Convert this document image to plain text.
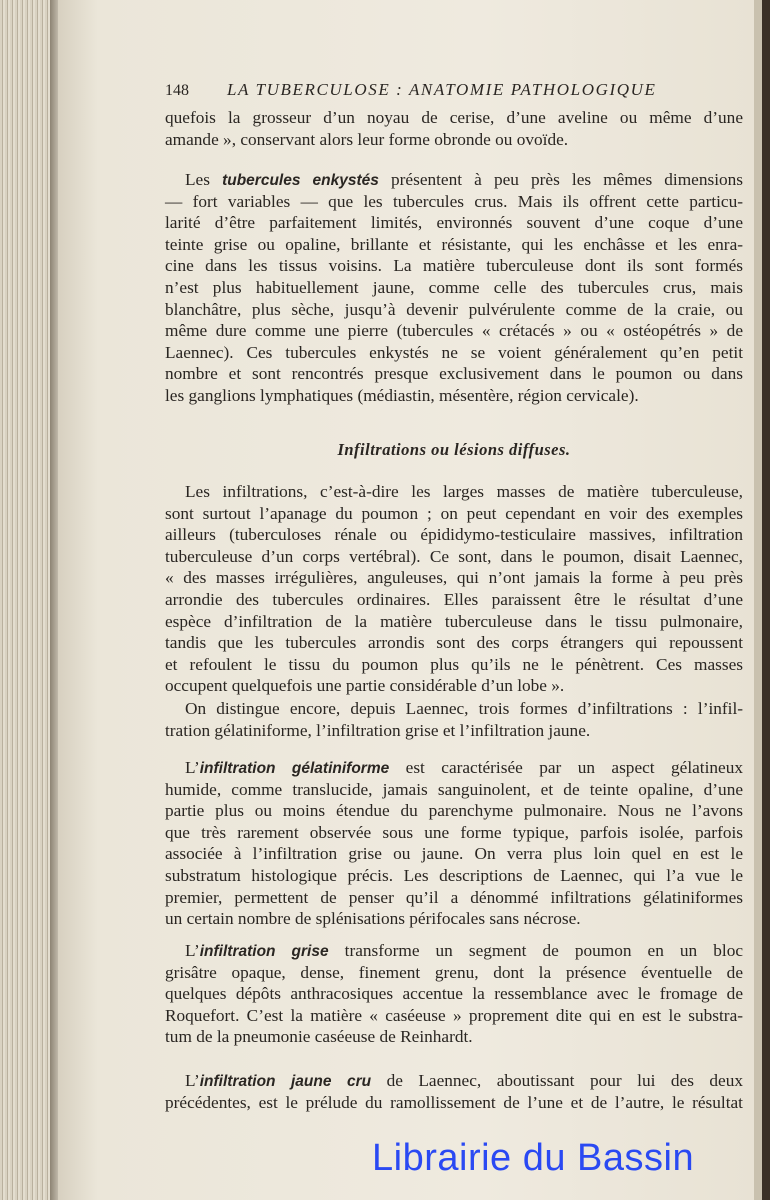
148	LA TUBERCULOSE : ANATOMIE PATHOLOGIQUE
quefois la grosseur d’un noyau de cerise, d’une aveline ou même d’une
amande », conservant alors leur forme obronde ou ovoïde.
Les tubercules enkystés présentent à peu près les mêmes dimensions
— fort variables — que les tubercules crus. Mais ils offrent cette particu-
larité d’être parfaitement limités, environnés souvent d’une coque d’une
teinte grise ou opaline, brillante et résistante, qui les enchâsse et les enra-
cine dans les tissus voisins. La matière tuberculeuse dont ils sont formés
n’est plus habituellement jaune, comme celle des tubercules crus, mais
blanchâtre, plus sèche, jusqu’à devenir pulvérulente comme de la craie, ou
même dure comme une pierre (tubercules « crétacés » ou « ostéopétrés » de
Laennec). Ces tubercules enkystés ne se voient généralement qu’en petit
nombre et sont rencontrés presque exclusivement dans le poumon ou dans
les ganglions lymphatiques (médiastin, mésentère, région cervicale).
Infiltrations ou lésions diffuses.
Les infiltrations, c’est-à-dire les larges masses de matière tuberculeuse,
sont surtout l’apanage du poumon ; on peut cependant en voir des exemples
ailleurs (tuberculoses rénale ou épididymo-testiculaire massives, infiltration
tuberculeuse d’un corps vertébral). Ce sont, dans le poumon, disait Laennec,
« des masses irrégulières, anguleuses, qui n’ont jamais la forme à peu près
arrondie des tubercules ordinaires. Elles paraissent être le résultat d’une
espèce d’infiltration de la matière tuberculeuse dans le tissu pulmonaire,
tandis que les tubercules arrondis sont des corps étrangers qui repoussent
et refoulent le tissu du poumon plus qu’ils ne le pénètrent. Ces masses
occupent quelquefois une partie considérable d’un lobe ».
On distingue encore, depuis Laennec, trois formes d’infiltrations : l’infil-
tration gélatiniforme, l’infiltration grise et l’infiltration jaune.
L’infiltration gélatiniforme est caractérisée par un aspect gélatineux
humide, comme translucide, jamais sanguinolent, et de teinte opaline, d’une
partie plus ou moins étendue du parenchyme pulmonaire. Nous ne l’avons
que très rarement observée sous une forme typique, parfois isolée, parfois
associée à l’infiltration grise ou jaune. On verra plus loin quel en est le
substratum histologique précis. Les descriptions de Laennec, qui l’a vue le
premier, permettent de penser qu’il a dénommé infiltrations gélatiniformes
un certain nombre de splénisations périfocales sans nécrose.
L’infiltration grise transforme un segment de poumon en un bloc
grisâtre opaque, dense, finement grenu, dont la présence éventuelle de
quelques dépôts anthracosiques accentue la ressemblance avec le fromage de
Roquefort. C’est la matière « caséeuse » proprement dite qui en est le substra-
tum de la pneumonie caséeuse de Reinhardt.
L’infiltration jaune cru de Laennec, aboutissant pour lui des deux
précédentes, est le prélude du ramollissement de l’une et de l’autre, le résultat
Librairie du Bassin
